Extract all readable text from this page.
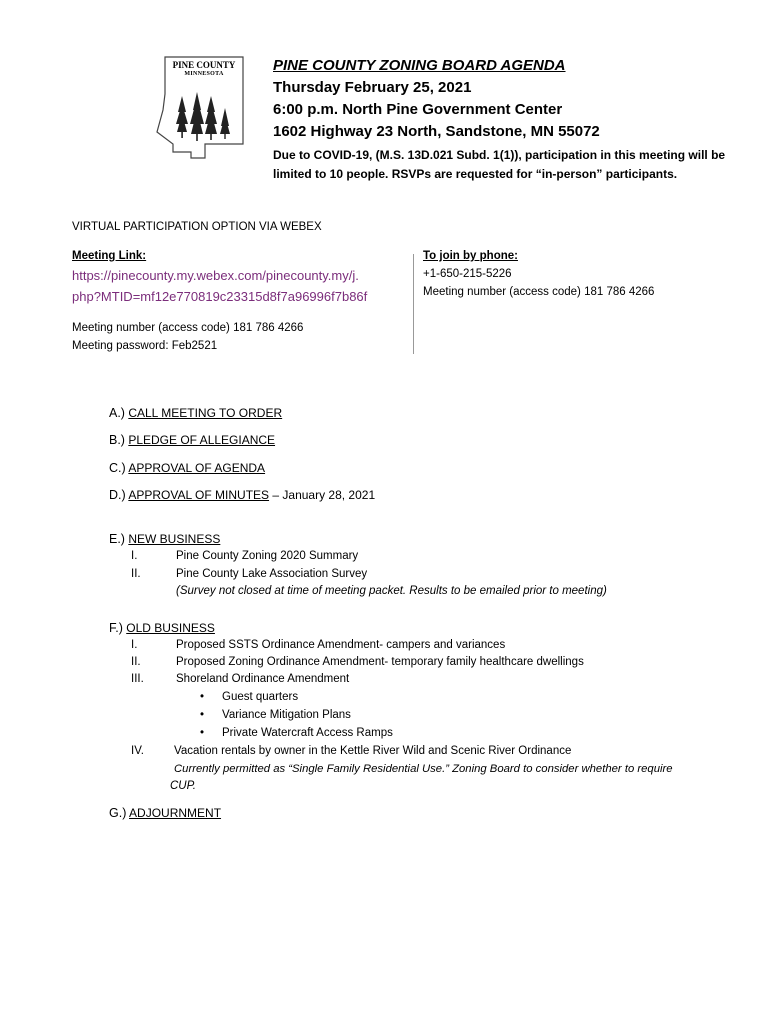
PINE COUNTY
MINNESOTA	PINE COUNTY ZONING BOARD AGENDA
Thursday February 25, 2021
6:00 p.m. North Pine Government Center
1602 Highway 23 North, Sandstone, MN 55072
Due to COVID-19, (M.S. 13D.021 Subd. 1(1)), participation in this meeting will be limited to 10 people. RSVPs are requested for “in-person” participants.
VIRTUAL PARTICIPATION OPTION VIA WEBEX
Meeting Link:
https://pinecounty.my.webex.com/pinecounty.my/j.
php?MTID=mf12e770819c23315d8f7a96996f7b86f
Meeting number (access code) 181 786 4266
Meeting password: Feb2521
To join by phone:
+1-650-215-5226
Meeting number (access code) 181 786 4266
A.) CALL MEETING TO ORDER
B.) PLEDGE OF ALLEGIANCE
C.) APPROVAL OF AGENDA
D.) APPROVAL OF MINUTES – January 28, 2021
E.) NEW BUSINESS
I.	Pine County Zoning 2020 Summary
II.	Pine County Lake Association Survey
(Survey not closed at time of meeting packet. Results to be emailed prior to meeting)
F.) OLD BUSINESS
I.	Proposed SSTS Ordinance Amendment- campers and variances
II.	Proposed Zoning Ordinance Amendment- temporary family healthcare dwellings
III.	Shoreland Ordinance Amendment
• Guest quarters
• Variance Mitigation Plans
• Private Watercraft Access Ramps
IV.	Vacation rentals by owner in the Kettle River Wild and Scenic River Ordinance
Currently permitted as “Single Family Residential Use.” Zoning Board to consider whether to require
CUP.
G.) ADJOURNMENT
